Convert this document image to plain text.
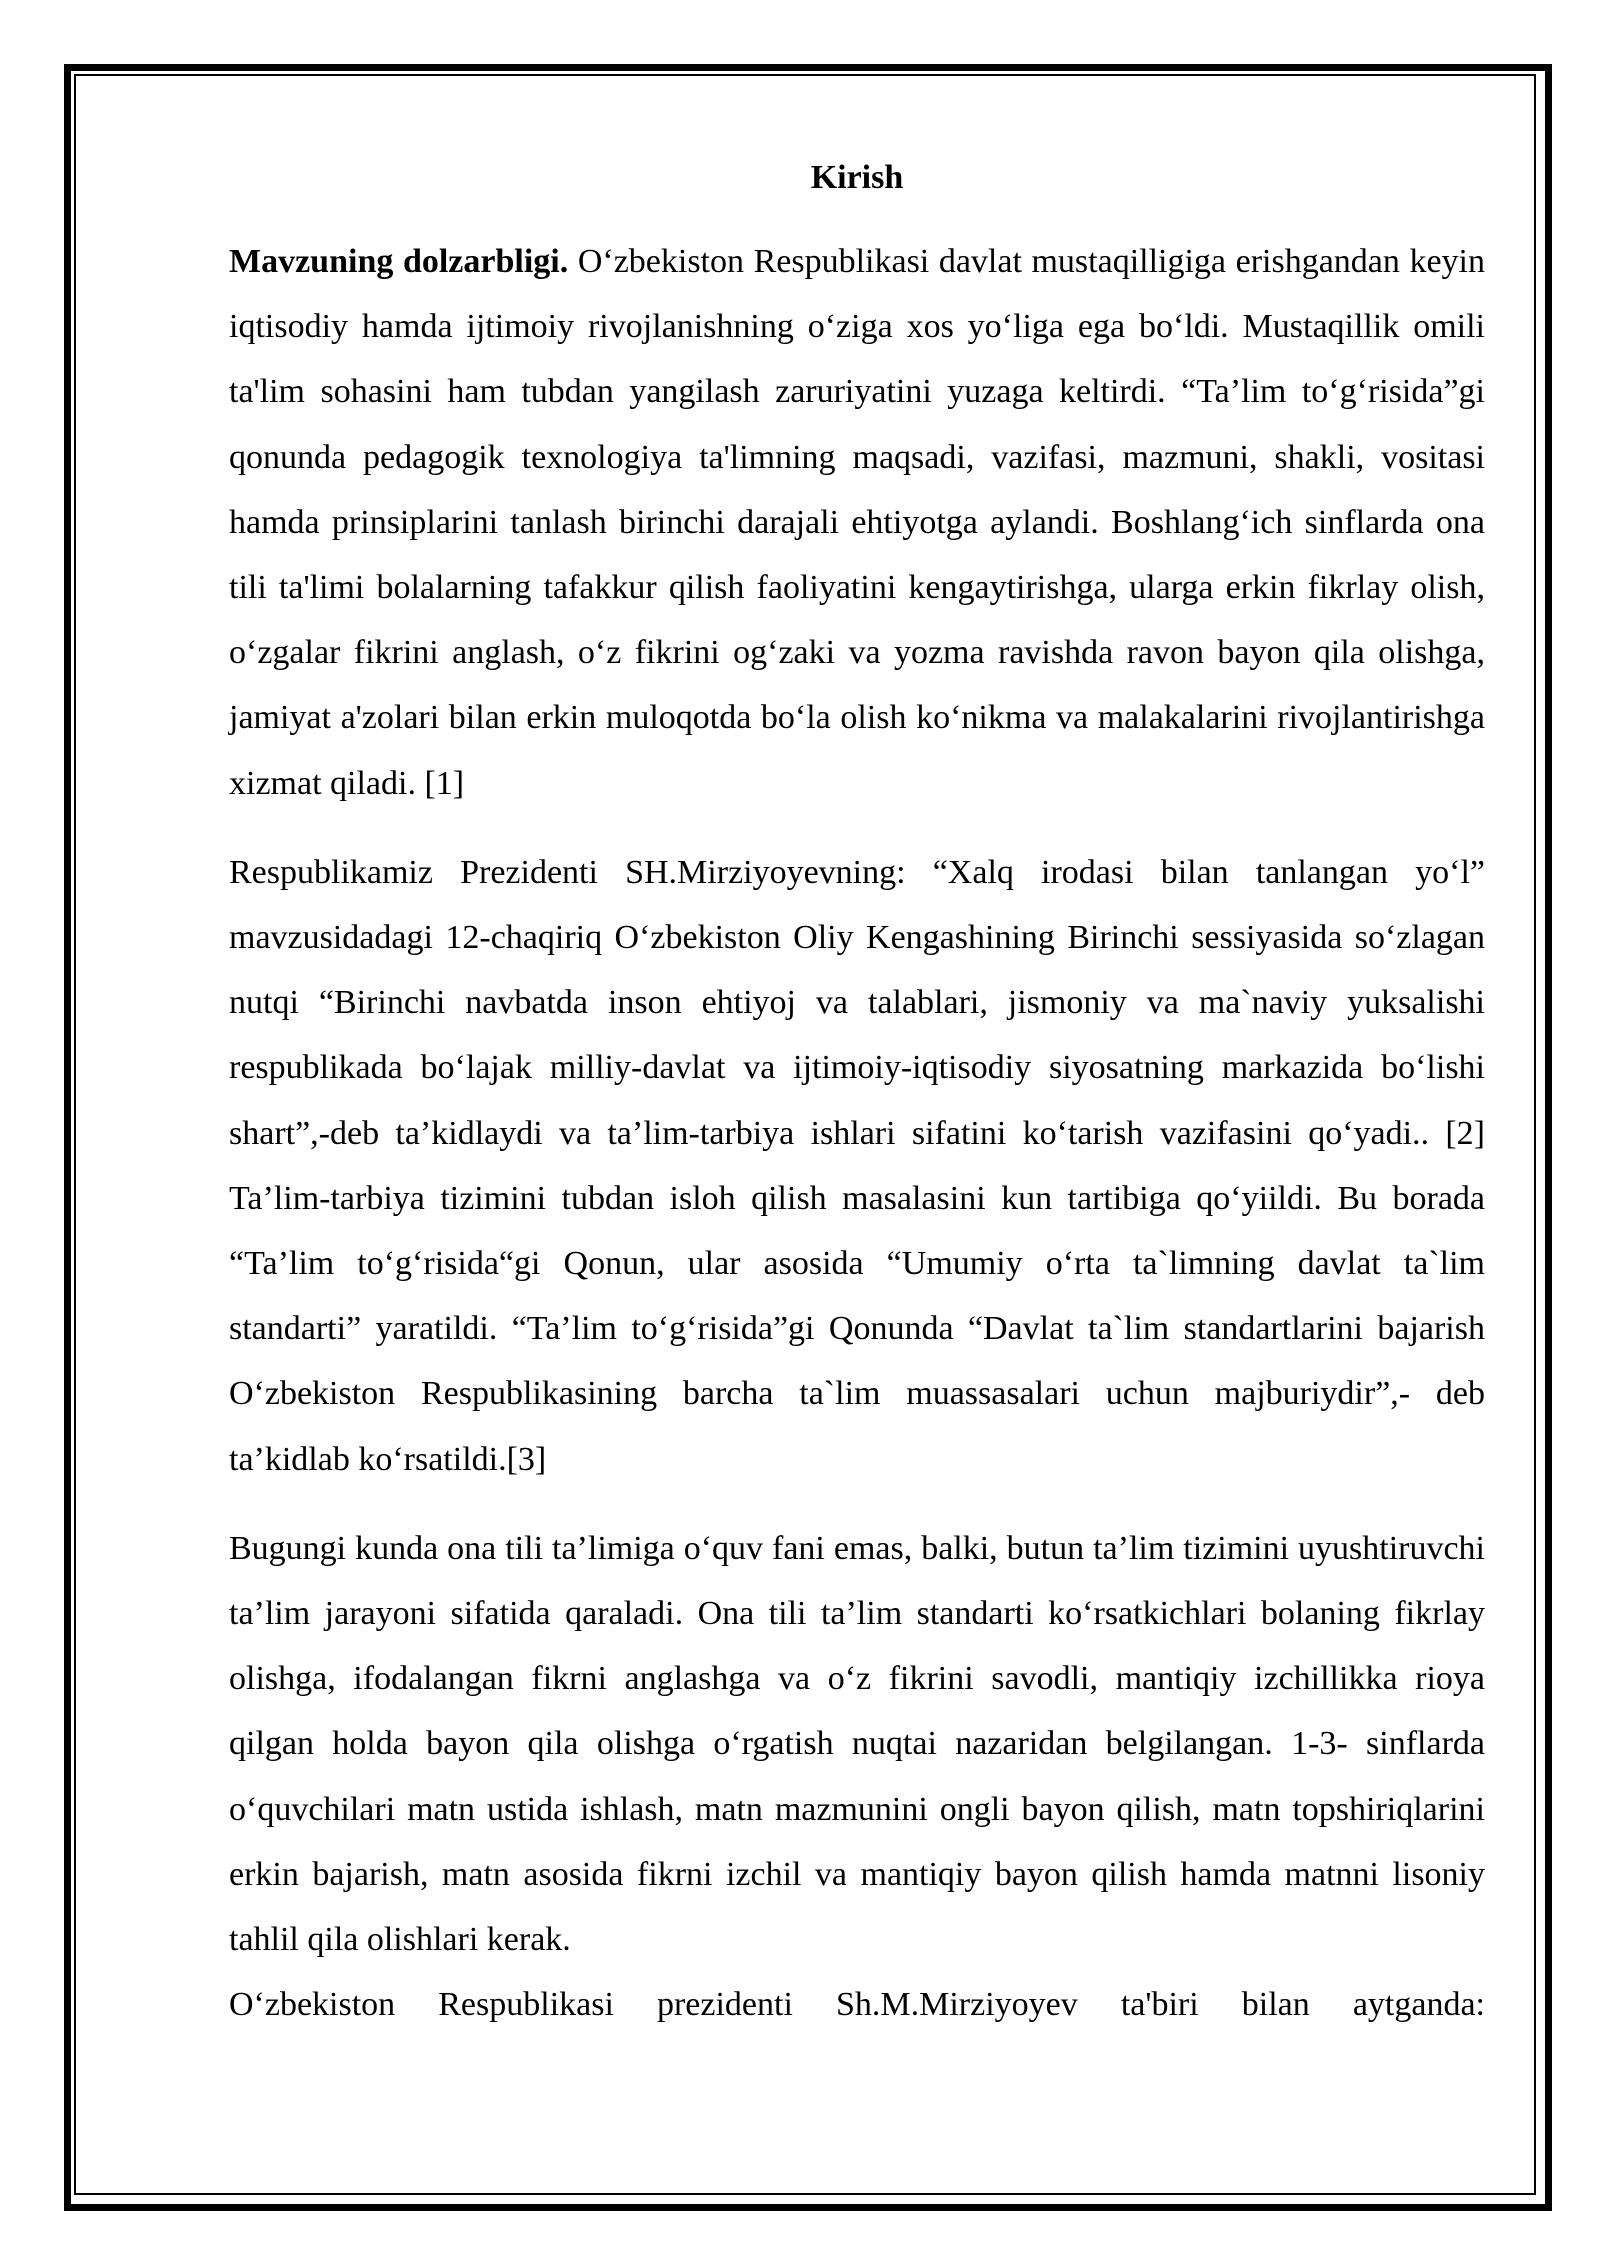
Kirish

Mavzuning dolzarbligi. O‘zbekiston Respublikasi davlat mustaqilligiga erishgandan keyin iqtisodiy hamda ijtimoiy rivojlanishning o‘ziga xos yo‘liga ega bo‘ldi. Mustaqillik omili ta'lim sohasini ham tubdan yangilash zaruriyatini yuzaga keltirdi. “Ta’lim to‘g‘risida”gi qonunda pedagogik texnologiya ta'limning maqsadi, vazifasi, mazmuni, shakli, vositasi hamda prinsiplarini tanlash birinchi darajali ehtiyotga aylandi. Boshlang‘ich sinflarda ona tili ta'limi bolalarning tafakkur qilish faoliyatini kengaytirishga, ularga erkin fikrlay olish, o‘zgalar fikrini anglash, o‘z fikrini og‘zaki va yozma ravishda ravon bayon qila olishga, jamiyat a'zolari bilan erkin muloqotda bo‘la olish ko‘nikma va malakalarini rivojlantirishga xizmat qiladi. [1]

Respublikamiz Prezidenti SH.Mirziyoyevning: “Xalq irodasi bilan tanlangan yo‘l” mavzusidadagi 12-chaqiriq O‘zbekiston Oliy Kengashining Birinchi sessiyasida so‘zlagan nutqi “Birinchi navbatda inson ehtiyoj va talablari, jismoniy va ma`naviy yuksalishi respublikada bo‘lajak milliy-davlat va ijtimoiy-iqtisodiy siyosatning markazida bo‘lishi shart”,-deb ta’kidlaydi va ta’lim-tarbiya ishlari sifatini ko‘tarish vazifasini qo‘yadi.. [2] Ta’lim-tarbiya tizimini tubdan isloh qilish masalasini kun tartibiga qo‘yiildi. Bu borada “Ta’lim to‘g‘risida“gi Qonun, ular asosida “Umumiy o‘rta ta`limning davlat ta`lim standarti” yaratildi. “Ta’lim to‘g‘risida”gi Qonunda “Davlat ta`lim standartlarini bajarish O‘zbekiston Respublikasining barcha ta`lim muassasalari uchun majburiydir”,- deb ta’kidlab ko‘rsatildi.[3]

Bugungi kunda ona tili ta’limiga o‘quv fani emas, balki, butun ta’lim tizimini uyushtiruvchi ta’lim jarayoni sifatida qaraladi. Ona tili ta’lim standarti ko‘rsatkichlari bolaning fikrlay olishga, ifodalangan fikrni anglashga va o‘z fikrini savodli, mantiqiy izchillikka rioya qilgan holda bayon qila olishga o‘rgatish nuqtai nazaridan belgilangan. 1-3- sinflarda o‘quvchilari matn ustida ishlash, matn mazmunini ongli bayon qilish, matn topshiriqlarini erkin bajarish, matn asosida fikrni izchil va mantiqiy bayon qilish hamda matnni lisoniy tahlil qila olishlari kerak.
O‘zbekiston Respublikasi prezidenti Sh.M.Mirziyoyev ta'biri bilan aytganda:
